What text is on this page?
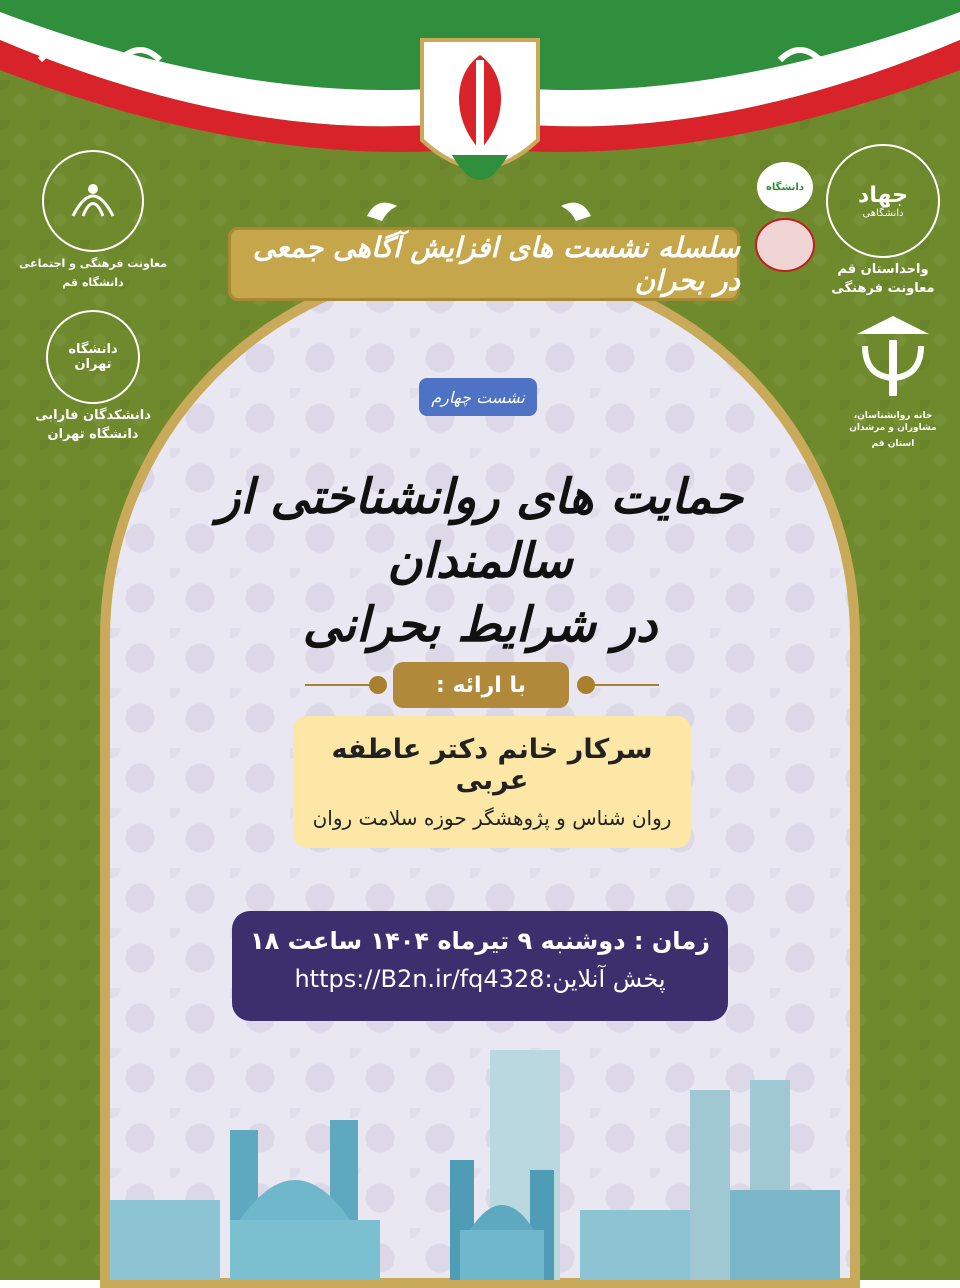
سلسله نشست های افزایش آگاهی جمعی در بحران
معاونت فرهنگی و اجتماعی
دانشگاه قم
دانشگاه تهران
دانشکدگان فارابی
دانشگاه تهران
جهاد
دانشگاهی
واحداستان قم
معاونت فرهنگی
دانشگاه
خانه روانشناسان، مشاوران و مرشدان
استان قم
نشست چهارم
حمایت های روانشناختی از سالمندان
در شرایط بحرانی
با ارائه :
سرکار خانم دکتر عاطفه عربی
روان شناس و پژوهشگر حوزه سلامت روان
زمان : دوشنبه ۹ تیرماه ۱۴۰۴ ساعت ۱۸
پخش آنلاین:https://B2n.ir/fq4328
